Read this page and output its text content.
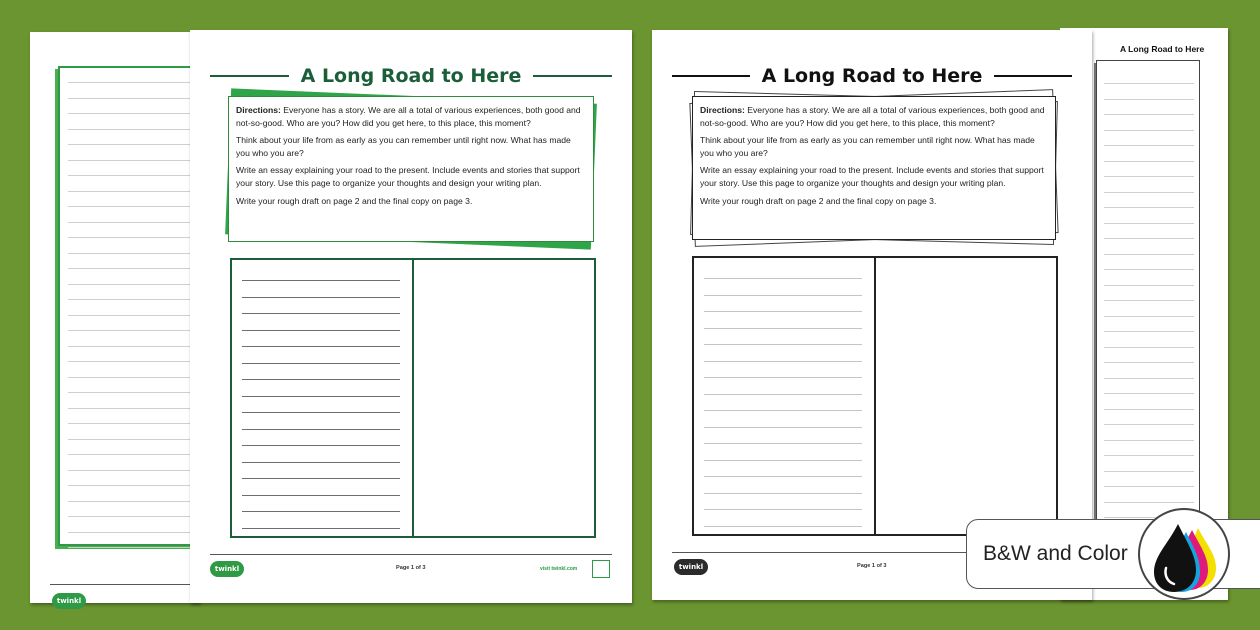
twinkl
A Long Road to Here

Directions: Everyone has a story. We are all a total of various experiences, both good and not-so-good. Who are you? How did you get here, to this place, this moment?

Think about your life from as early as you can remember until right now. What has made you who you are?

Write an essay explaining your road to the present. Include events and stories that support your story. Use this page to organize your thoughts and design your writing plan.

Write your rough draft on page 2 and the final copy on page 3.

twinkl	Page 1 of 3	visit twinkl.com
A Long Road to Here
A Long Road to Here

Directions: Everyone has a story. We are all a total of various experiences, both good and not-so-good. Who are you? How did you get here, to this place, this moment?

Think about your life from as early as you can remember until right now. What has made you who you are?

Write an essay explaining your road to the present. Include events and stories that support your story. Use this page to organize your thoughts and design your writing plan.

Write your rough draft on page 2 and the final copy on page 3.

twinkl	Page 1 of 3
B&W and Color
